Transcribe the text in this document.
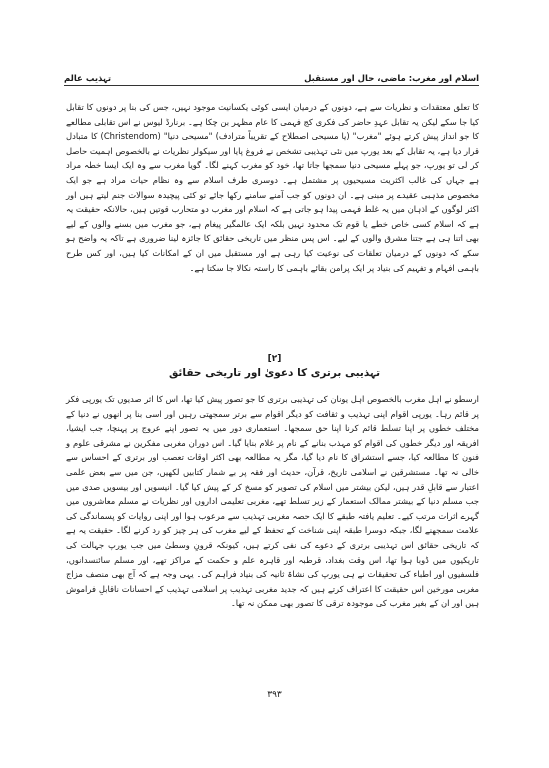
اسلام اور مغرب: ماضی، حال اور مستقبل
تہذیب عالم

کا تعلق معتقدات و نظریات سے ہے، دونوں کے درمیان ایسی کوئی یکسانیت موجود نہیں، جس کی بنا پر دونوں کا تقابل کیا جا سکے لیکن یہ تقابل عہدِ حاضر کی فکری کج فہمی کا عام مظہر بن چکا ہے۔ برنارڈ لیوس نے اس تقابلی مطالعے کا جو انداز پیش کرتے ہوئے "مغرب" (یا مسیحی اصطلاح کے تقریباً مترادف) "مسیحی دنیا" (Christendom) کا متبادل قرار دیا ہے، یہ تقابل کے بعد یورپ میں نئی تہذیبی تشخص نے فروغ پایا اور سیکولر نظریات نے بالخصوص اہمیت حاصل کر لی تو یورپ، جو پہلے مسیحی دنیا سمجھا جاتا تھا، خود کو مغرب کہنے لگا۔ گویا مغرب سے وہ ایک ایسا خطہ مراد ہے جہاں کی غالب اکثریت مسیحیوں پر مشتمل ہے۔ دوسری طرف اسلام سے وہ نظام حیات مراد ہے جو ایک مخصوص مذہبی عقیدے پر مبنی ہے۔ ان دونوں کو جب آمنے سامنے رکھا جائے تو کئی پیچیدہ سوالات جنم لیتے ہیں اور اکثر لوگوں کے اذہان میں یہ غلط فہمی پیدا ہو جاتی ہے کہ اسلام اور مغرب دو متحارب قوتیں ہیں، حالانکہ حقیقت یہ ہے کہ اسلام کسی خاص خطے یا قوم تک محدود نہیں بلکہ ایک عالمگیر پیغام ہے، جو مغرب میں بسنے والوں کے لیے بھی اتنا ہی ہے جتنا مشرق والوں کے لیے۔ اس پس منظر میں تاریخی حقائق کا جائزہ لینا ضروری ہے تاکہ یہ واضح ہو سکے کہ دونوں کے درمیان تعلقات کی نوعیت کیا رہی ہے اور مستقبل میں ان کے امکانات کیا ہیں، اور کس طرح باہمی افہام و تفہیم کی بنیاد پر ایک پرامن بقائے باہمی کا راستہ نکالا جا سکتا ہے۔

[۲]
تہذیبی برتری کا دعویٰ اور تاریخی حقائق

ارسطو نے اہل مغرب بالخصوص اہل یونان کی تہذیبی برتری کا جو تصور پیش کیا تھا، اس کا اثر صدیوں تک یورپی فکر پر قائم رہا۔ یورپی اقوام اپنی تہذیب و ثقافت کو دیگر اقوام سے برتر سمجھتی رہیں اور اسی بنا پر انھوں نے دنیا کے مختلف خطوں پر اپنا تسلط قائم کرنا اپنا حق سمجھا۔ استعماری دور میں یہ تصور اپنے عروج پر پہنچا، جب ایشیا، افریقہ اور دیگر خطوں کی اقوام کو مہذب بنانے کے نام پر غلام بنایا گیا۔ اس دوران مغربی مفکرین نے مشرقی علوم و فنون کا مطالعہ کیا، جسے استشراق کا نام دیا گیا، مگر یہ مطالعہ بھی اکثر اوقات تعصب اور برتری کے احساس سے خالی نہ تھا۔ مستشرقین نے اسلامی تاریخ، قرآن، حدیث اور فقہ پر بے شمار کتابیں لکھیں، جن میں سے بعض علمی اعتبار سے قابلِ قدر ہیں، لیکن بیشتر میں اسلام کی تصویر کو مسخ کر کے پیش کیا گیا۔ انیسویں اور بیسویں صدی میں جب مسلم دنیا کے بیشتر ممالک استعمار کے زیر تسلط تھے، مغربی تعلیمی اداروں اور نظریات نے مسلم معاشروں میں گہرے اثرات مرتب کیے۔ تعلیم یافتہ طبقے کا ایک حصہ مغربی تہذیب سے مرعوب ہوا اور اپنی روایات کو پسماندگی کی علامت سمجھنے لگا، جبکہ دوسرا طبقہ اپنی شناخت کے تحفظ کے لیے مغرب کی ہر چیز کو رد کرنے لگا۔ حقیقت یہ ہے کہ تاریخی حقائق اس تہذیبی برتری کے دعوے کی نفی کرتے ہیں، کیونکہ قرونِ وسطیٰ میں جب یورپ جہالت کی تاریکیوں میں ڈوبا ہوا تھا، اس وقت بغداد، قرطبہ اور قاہرہ علم و حکمت کے مراکز تھے، اور مسلم سائنسدانوں، فلسفیوں اور اطباء کی تحقیقات نے ہی یورپ کی نشاۃ ثانیہ کی بنیاد فراہم کی۔ یہی وجہ ہے کہ آج بھی منصف مزاج مغربی مورخین اس حقیقت کا اعتراف کرتے ہیں کہ جدید مغربی تہذیب پر اسلامی تہذیب کے احسانات ناقابلِ فراموش ہیں اور ان کے بغیر مغرب کی موجودہ ترقی کا تصور بھی ممکن نہ تھا۔

۳۹۳
